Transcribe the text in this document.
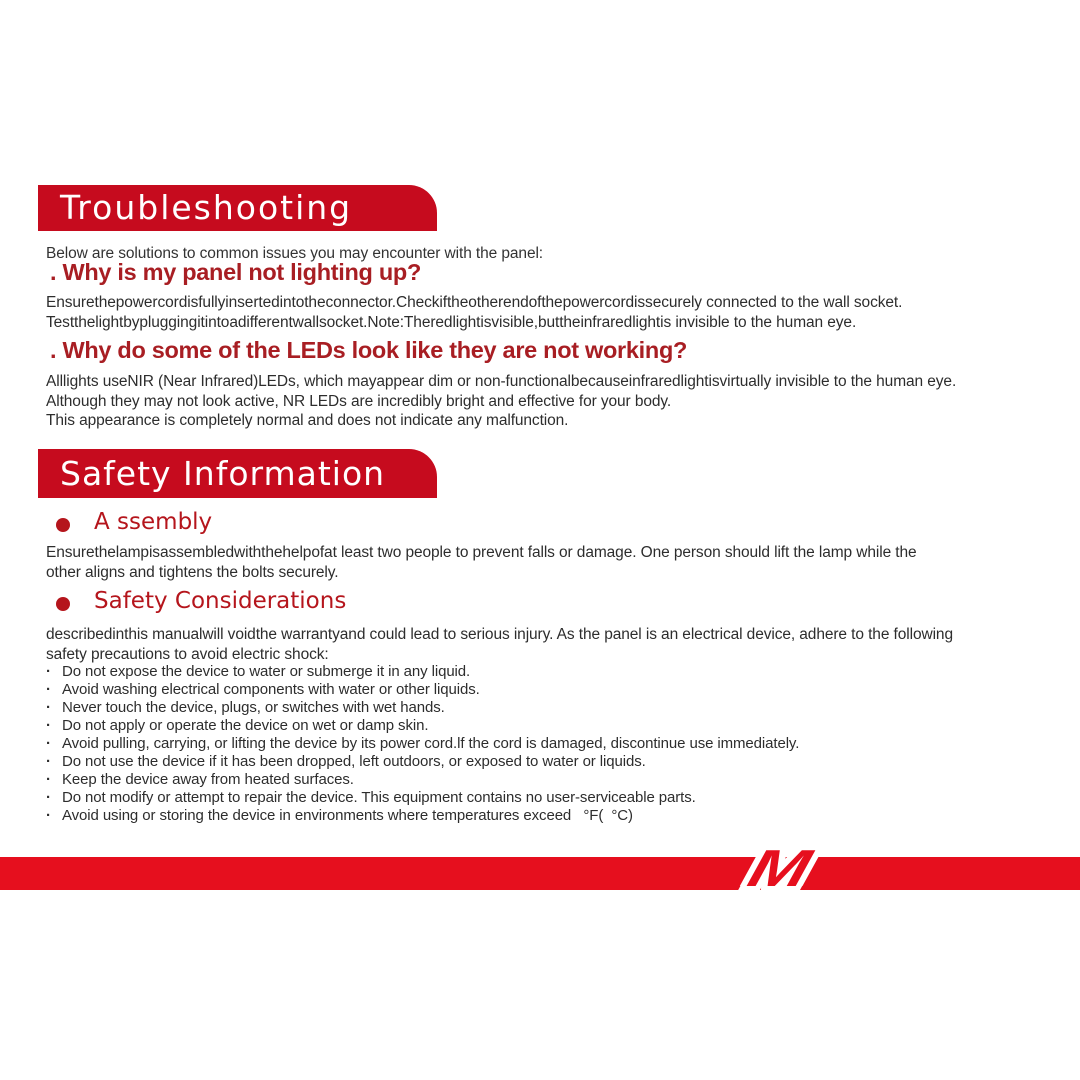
Troubleshooting
Below are solutions to common issues you may encounter with the panel:
. Why is my panel not lighting up?
Ensurethepowercordisfullyinsertedintotheconnector.Checkiftheotherendofthepowercordissecurely connected to the wall socket.
Testthelightbypluggingitintoadifferentwallsocket.Note:Theredlightisvisible,buttheinfraredlightis invisible to the human eye.
. Why do some of the LEDs look like they are not working?
Alllights useNIR (Near Infrared)LEDs, which mayappear dim or non-functionalbecauseinfraredlightisvirtually invisible to the human eye.
Although they may not look active, NR LEDs are incredibly bright and effective for your body.
This appearance is completely normal and does not indicate any malfunction.
Safety Information
A ssembly
Ensurethelampisassembledwiththehelpofat least two people to prevent falls or damage. One person should lift the lamp while the
other aligns and tightens the bolts securely.
Safety Considerations
describedinthis manualwill voidthe warrantyand could lead to serious injury. As the panel is an electrical device, adhere to the following
safety precautions to avoid electric shock:
· Do not expose the device to water or submerge it in any liquid.
· Avoid washing electrical components with water or other liquids.
· Never touch the device, plugs, or switches with wet hands.
· Do not apply or operate the device on wet or damp skin.
· Avoid pulling, carrying, or lifting the device by its power cord.lf the cord is damaged, discontinue use immediately.
· Do not use the device if it has been dropped, left outdoors, or exposed to water or liquids.
· Keep the device away from heated surfaces.
· Do not modify or attempt to repair the device. This equipment contains no user-serviceable parts.
· Avoid using or storing the device in environments where temperatures exceed   °F(  °C)
M
